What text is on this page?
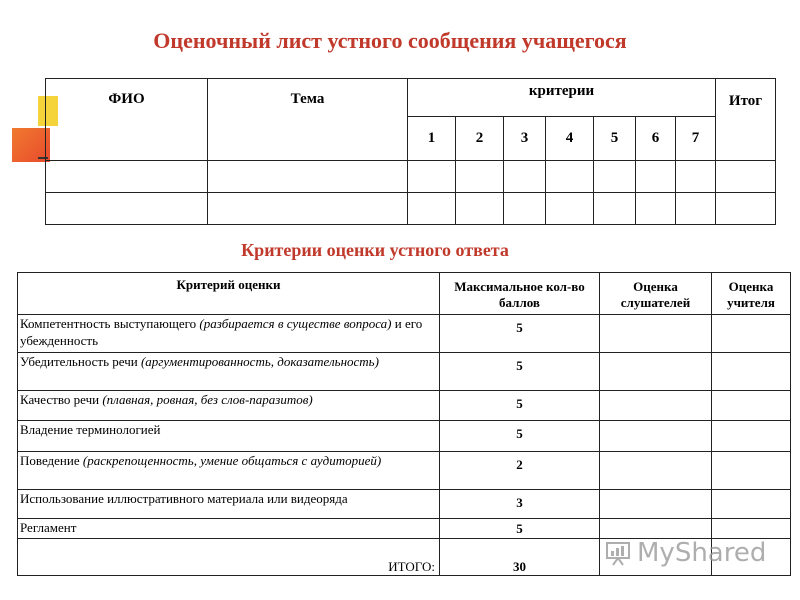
Оценочный лист устного сообщения учащегося
ФИО	Тема	критерии							Итог
		1	2	3	4	5	6	7	

Критерии оценки устного ответа
Критерий оценки	Максимальное кол-во баллов	Оценка слушателей	Оценка учителя
Компетентность выступающего (разбирается в существе вопроса) и его убежденность	5		
Убедительность речи (аргументированность, доказательность)	5		
Качество речи (плавная, ровная, без слов-паразитов)	5		
Владение терминологией	5		
Поведение (раскрепощенность, умение общаться с аудиторией)	2		
Использование иллюстративного материала или видеоряда	3		
Регламент	5		
ИТОГО:	30			MyShared
